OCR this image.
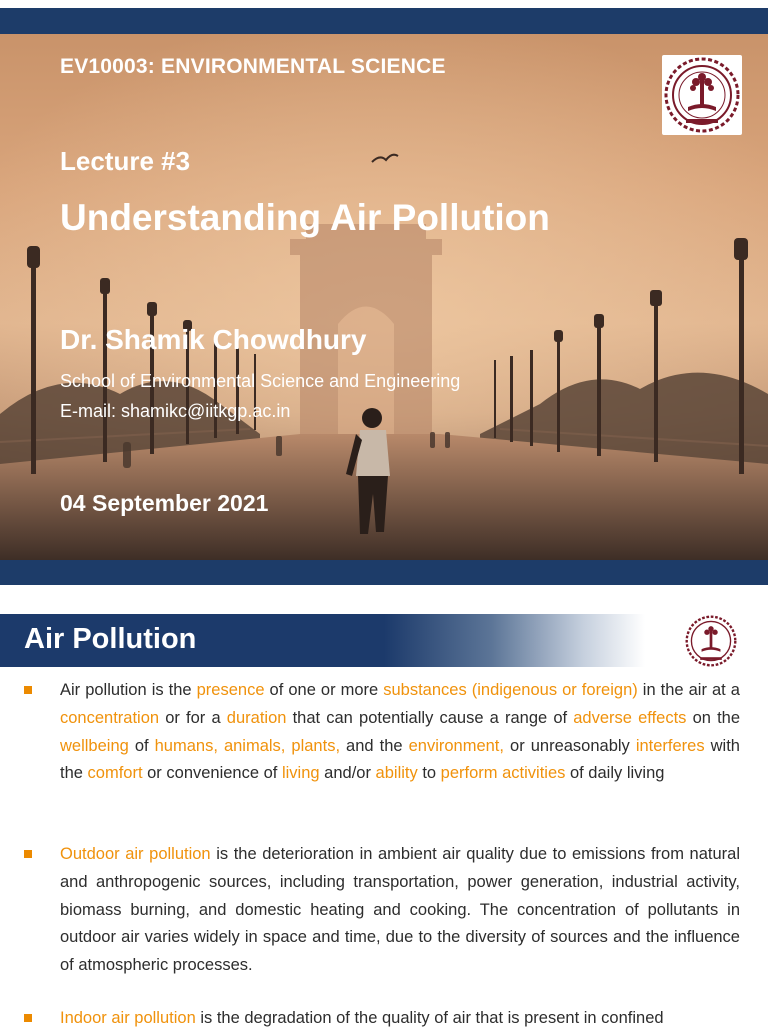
EV10003: ENVIRONMENTAL SCIENCE

Lecture #3

Understanding Air Pollution

Dr. Shamik Chowdhury

School of Environmental Science and Engineering

E-mail: shamikc@iitkgp.ac.in

04 September 2021

Air Pollution

Air pollution is the presence of one or more substances (indigenous or foreign) in the air at a concentration or for a duration that can potentially cause a range of adverse effects on the wellbeing of humans, animals, plants, and the environment, or unreasonably interferes with the comfort or convenience of living and/or ability to perform activities of daily living

Outdoor air pollution is the deterioration in ambient air quality due to emissions from natural and anthropogenic sources, including transportation, power generation, industrial activity, biomass burning, and domestic heating and cooking. The concentration of pollutants in outdoor air varies widely in space and time, due to the diversity of sources and the influence of atmospheric processes.

Indoor air pollution is the degradation of the quality of air that is present in confined
